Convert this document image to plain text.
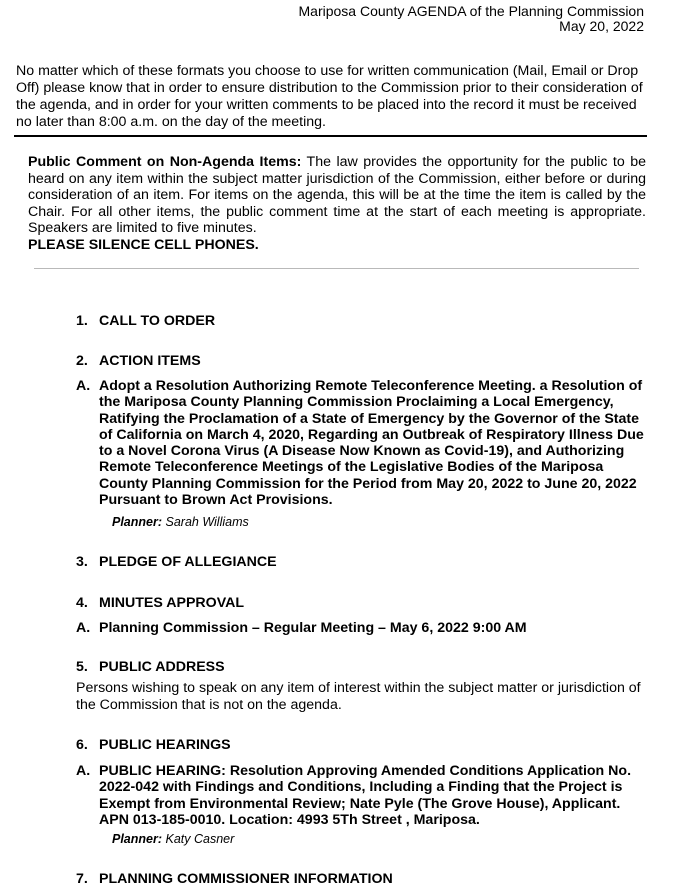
Mariposa County AGENDA of the Planning Commission
May 20, 2022
No matter which of these formats you choose to use for written communication (Mail, Email or Drop Off) please know that in order to ensure distribution to the Commission prior to their consideration of the agenda, and in order for your written comments to be placed into the record it must be received no later than 8:00 a.m. on the day of the meeting.
Public Comment on Non-Agenda Items: The law provides the opportunity for the public to be heard on any item within the subject matter jurisdiction of the Commission, either before or during consideration of an item. For items on the agenda, this will be at the time the item is called by the Chair. For all other items, the public comment time at the start of each meeting is appropriate. Speakers are limited to five minutes.
PLEASE SILENCE CELL PHONES.
1. CALL TO ORDER
2. ACTION ITEMS
A. Adopt a Resolution Authorizing Remote Teleconference Meeting. a Resolution of the Mariposa County Planning Commission Proclaiming a Local Emergency, Ratifying the Proclamation of a State of Emergency by the Governor of the State of California on March 4, 2020, Regarding an Outbreak of Respiratory Illness Due to a Novel Corona Virus (A Disease Now Known as Covid-19), and Authorizing Remote Teleconference Meetings of the Legislative Bodies of the Mariposa County Planning Commission for the Period from May 20, 2022 to June 20, 2022 Pursuant to Brown Act Provisions.
Planner: Sarah Williams
3. PLEDGE OF ALLEGIANCE
4. MINUTES APPROVAL
A. Planning Commission – Regular Meeting – May 6, 2022 9:00 AM
5. PUBLIC ADDRESS
Persons wishing to speak on any item of interest within the subject matter or jurisdiction of the Commission that is not on the agenda.
6. PUBLIC HEARINGS
A. PUBLIC HEARING: Resolution Approving Amended Conditions Application No. 2022-042 with Findings and Conditions, Including a Finding that the Project is Exempt from Environmental Review; Nate Pyle (The Grove House), Applicant. APN 013-185-0010. Location: 4993 5Th Street , Mariposa.
Planner: Katy Casner
7. PLANNING COMMISSIONER INFORMATION
